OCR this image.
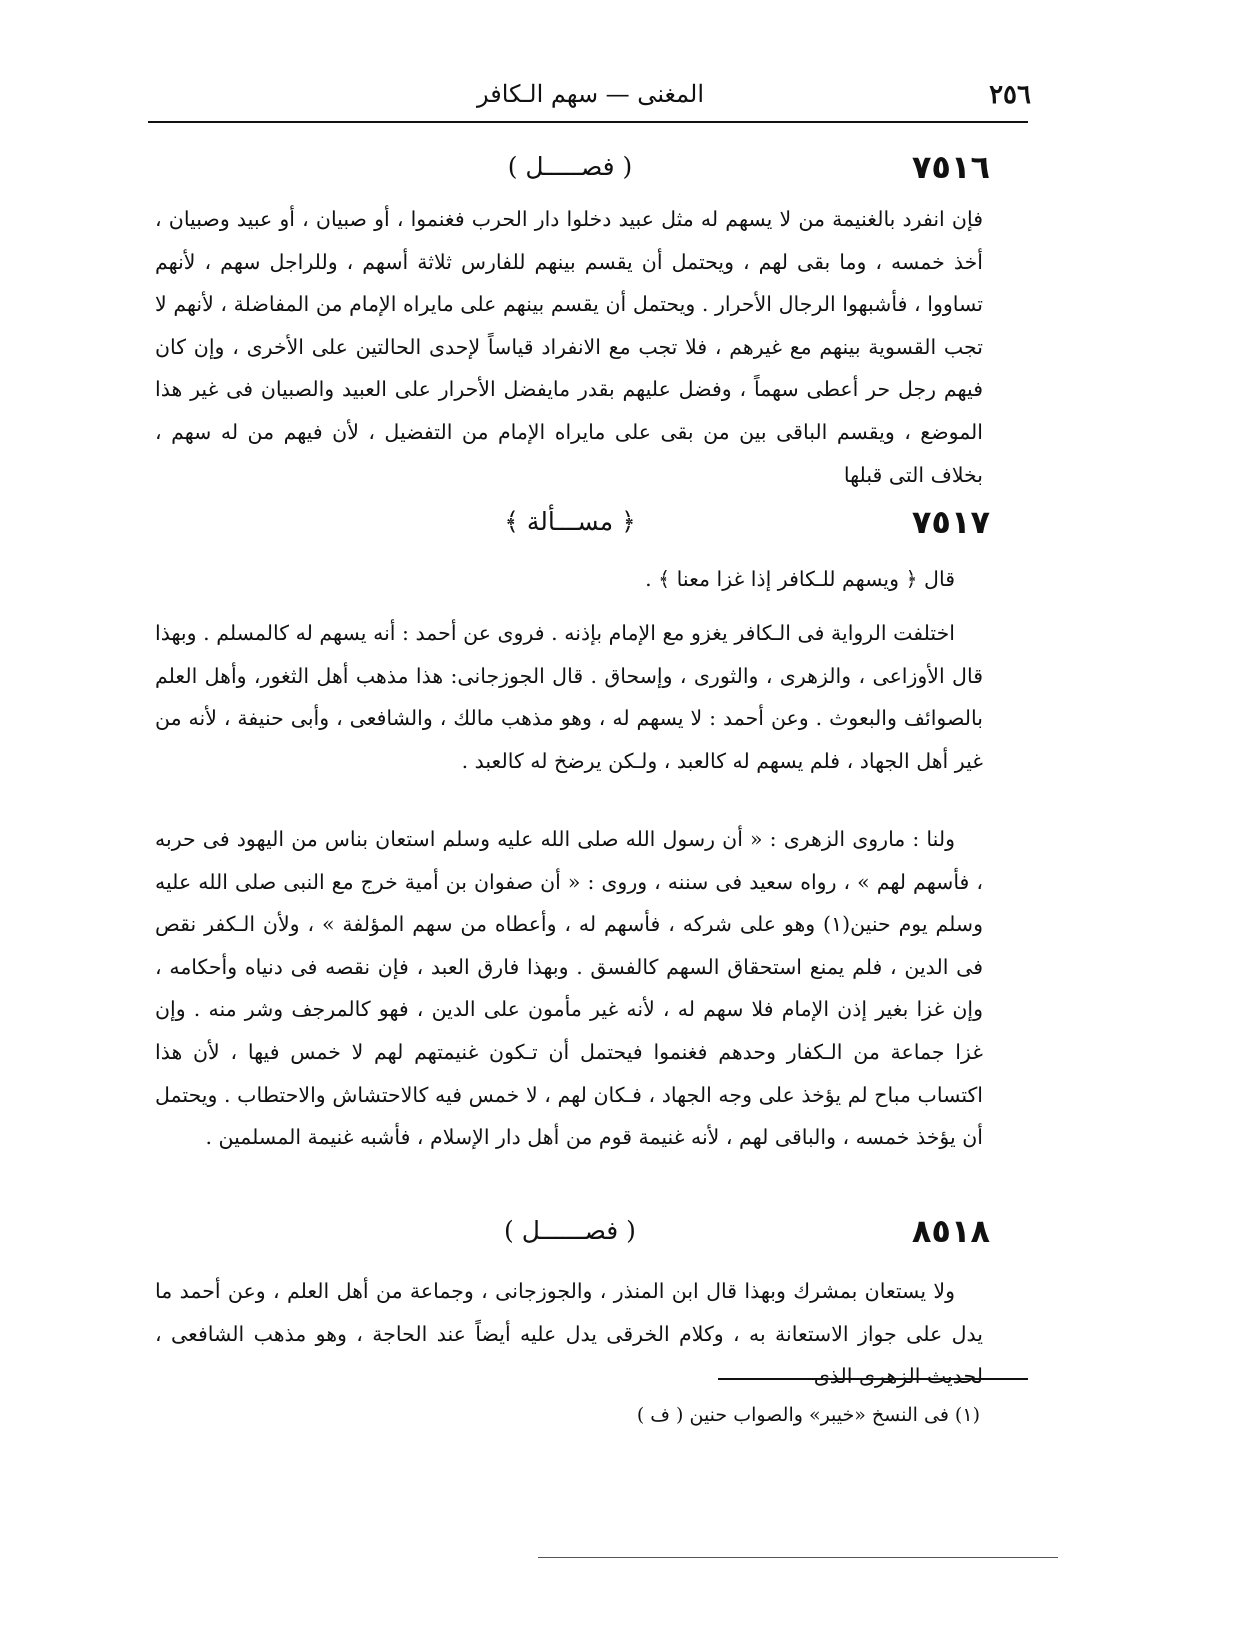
٢٥٦
المغنى — سهم الـكافر
٧٥١٦
( فصـــــل )

فإن انفرد بالغنيمة من لا يسهم له مثل عبيد دخلوا دار الحرب فغنموا ، أو صبيان ، أو عبيد وصبيان ، أخذ خمسه ، وما بقى لهم ، ويحتمل أن يقسم بينهم للفارس ثلاثة أسهم ، وللراجل سهم ، لأنهم تساووا ، فأشبهوا الرجال الأحرار . ويحتمل أن يقسم بينهم على مايراه الإمام من المفاضلة ، لأنهم لا تجب القسوية بينهم مع غيرهم ، فلا تجب مع الانفراد قياساً لإحدى الحالتين على الأخرى ، وإن كان فيهم رجل حر أعطى سهماً ، وفضل عليهم بقدر مايفضل الأحرار على العبيد والصبيان فى غير هذا الموضع ، ويقسم الباقى بين من بقى على مايراه الإمام من التفضيل ، لأن فيهم من له سهم ، بخلاف التى قبلها

٧٥١٧
﴿ مســـألة ﴾

قال ﴿ ويسهم للـكافر إذا غزا معنا ﴾ .

اختلفت الرواية فى الـكافر يغزو مع الإمام بإذنه . فروى عن أحمد : أنه يسهم له كالمسلم . وبهذا قال الأوزاعى ، والزهرى ، والثورى ، وإسحاق . قال الجوزجانى: هذا مذهب أهل الثغور، وأهل العلم بالصوائف والبعوث . وعن أحمد : لا يسهم له ، وهو مذهب مالك ، والشافعى ، وأبى حنيفة ، لأنه من غير أهل الجهاد ، فلم يسهم له كالعبد ، ولـكن يرضخ له كالعبد .

ولنا : ماروى الزهرى : « أن رسول الله صلى الله عليه وسلم استعان بناس من اليهود فى حربه ، فأسهم لهم » ، رواه سعيد فى سننه ، وروى : « أن صفوان بن أمية خرج مع النبى صلى الله عليه وسلم يوم حنين(١) وهو على شركه ، فأسهم له ، وأعطاه من سهم المؤلفة » ، ولأن الـكفر نقص فى الدين ، فلم يمنع استحقاق السهم كالفسق . وبهذا فارق العبد ، فإن نقصه فى دنياه وأحكامه ، وإن غزا بغير إذن الإمام فلا سهم له ، لأنه غير مأمون على الدين ، فهو كالمرجف وشر منه . وإن غزا جماعة من الـكفار وحدهم فغنموا فيحتمل أن تـكون غنيمتهم لهم لا خمس فيها ، لأن هذا اكتساب مباح لم يؤخذ على وجه الجهاد ، فـكان لهم ، لا خمس فيه كالاحتشاش والاحتطاب . ويحتمل أن يؤخذ خمسه ، والباقى لهم ، لأنه غنيمة قوم من أهل دار الإسلام ، فأشبه غنيمة المسلمين .

٨٥١٨
( فصــــــل )

ولا يستعان بمشرك وبهذا قال ابن المنذر ، والجوزجانى ، وجماعة من أهل العلم ، وعن أحمد ما يدل على جواز الاستعانة به ، وكلام الخرقى يدل عليه أيضاً عند الحاجة ، وهو مذهب الشافعى ، لحديث الزهرى الذى

(١) فى النسخ «خيبر» والصواب حنين ( ف )
